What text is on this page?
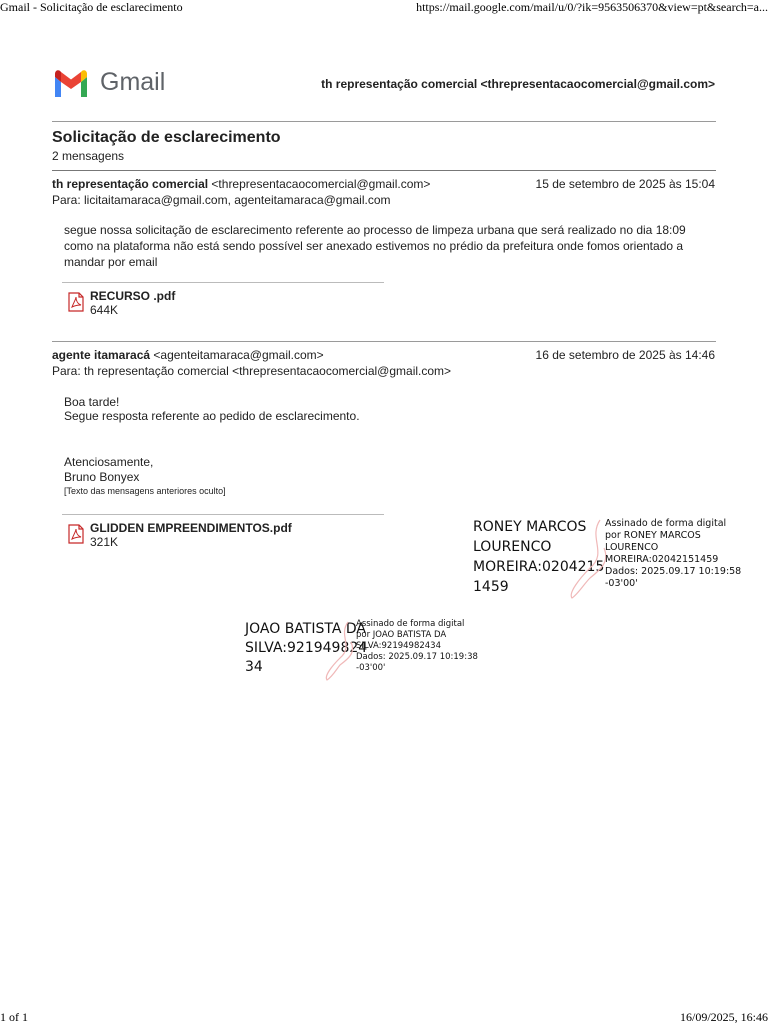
Gmail - Solicitação de esclarecimento	https://mail.google.com/mail/u/0/?ik=9563506370&view=pt&search=a...
Gmail	th representação comercial <threpresentacaocomercial@gmail.com>
Solicitação de esclarecimento
2 mensagens
th representação comercial <threpresentacaocomercial@gmail.com>	15 de setembro de 2025 às 15:04
Para: licitaitamaraca@gmail.com, agenteitamaraca@gmail.com
segue nossa solicitação de esclarecimento referente ao processo de limpeza urbana que será realizado no dia 18:09
como na plataforma não está sendo possível ser anexado estivemos no prédio da prefeitura onde fomos orientado a
mandar por email
RECURSO .pdf
644K
agente itamaracá <agenteitamaraca@gmail.com>	16 de setembro de 2025 às 14:46
Para: th representação comercial <threpresentacaocomercial@gmail.com>
Boa tarde!
Segue resposta referente ao pedido de esclarecimento.
Atenciosamente,
Bruno Bonyex
[Texto das mensagens anteriores oculto]
GLIDDEN EMPREENDIMENTOS.pdf
321K
RONEY MARCOS
LOURENCO
MOREIRA:0204215
1459
Assinado de forma digital
por RONEY MARCOS
LOURENCO
MOREIRA:02042151459
Dados: 2025.09.17 10:19:58
-03'00'
JOAO BATISTA DA
SILVA:921949824
34
Assinado de forma digital
por JOAO BATISTA DA
SILVA:92194982434
Dados: 2025.09.17 10:19:38
-03'00'
1 of 1	16/09/2025, 16:46
